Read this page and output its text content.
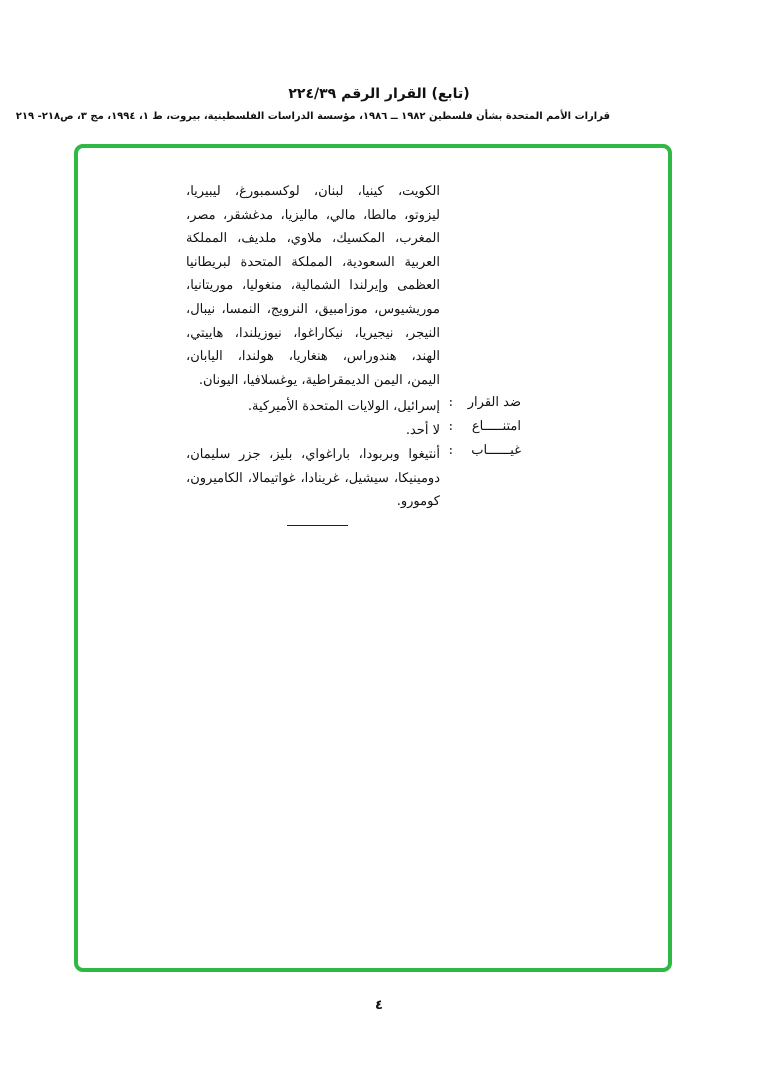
(تابع) القرار الرقم ٢٢٤/٣٩
قرارات الأمم المتحدة بشأن فلسطين ١٩٨٢ ــ ١٩٨٦، مؤسسة الدراسات الفلسطينية، بيروت، ط ١، ١٩٩٤، مج ٣، ص٢١٨- ٢١٩
الكويت، كينيا، لبنان، لوكسمبورغ، ليبيريا،
ليزوتو، مالطا، مالي، ماليزيا، مدغشقر، مصر،
المغرب، المكسيك، ملاوي، ملديف، المملكة
العربية السعودية، المملكة المتحدة لبريطانيا
العظمى وإيرلندا الشمالية، منغوليا، موريتانيا،
موريشيوس، موزامبيق، النرويج، النمسا، نيبال،
النيجر، نيجيريا، نيكاراغوا، نيوزيلندا، هاييتي،
الهند، هندوراس، هنغاريا، هولندا، اليابان،
اليمن، اليمن الديمقراطية، يوغسلافيا، اليونان.
ضد القرار
:
إسرائيل، الولايات المتحدة الأميركية.
امتنـــــاع
:
لا أحد.
غيــــــاب
:
أنتيغوا وبربودا، باراغواي، بليز، جزر سليمان،
دومينيكا، سيشيل، غرينادا، غواتيمالا، الكاميرون،
كومورو.
٤
